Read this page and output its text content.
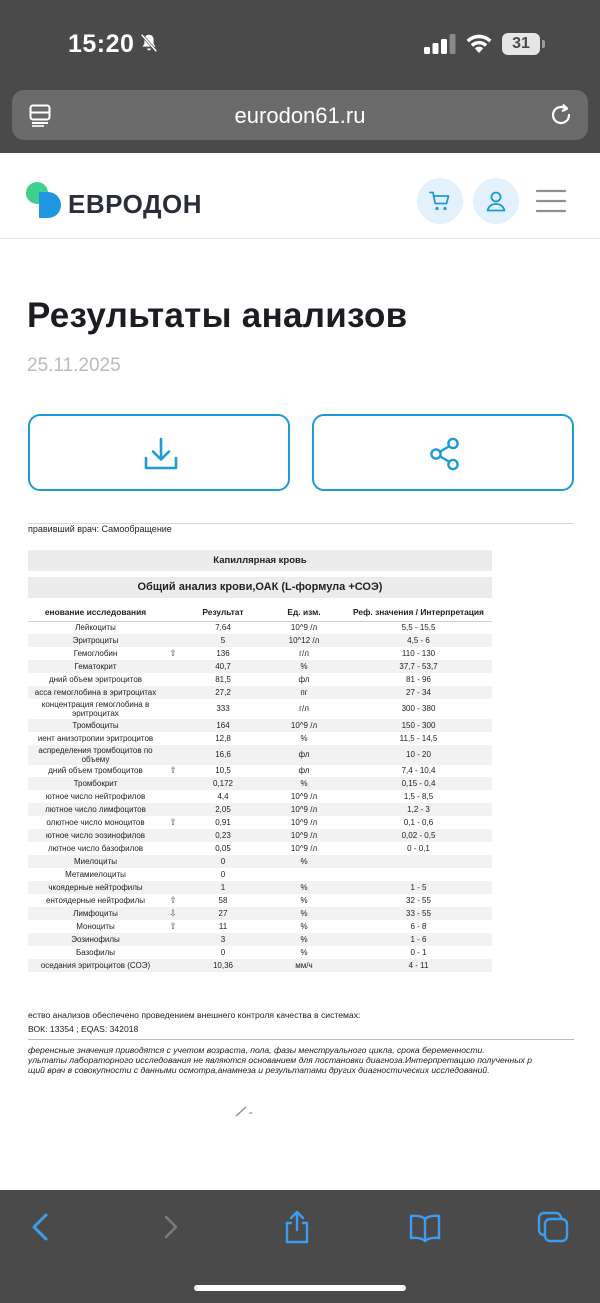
15:20	31
eurodon61.ru
ЕВРОДОН
Результаты анализов
25.11.2025
правивший врач: Самообращение
Капиллярная кровь
Общий анализ крови,ОАК (L-формула +СОЭ)
енование исследования		Результат	Ед. изм.	Реф. значения / Интерпретация
Лейкоциты		7,64	10^9 /л	5,5 - 15,5
Эритроциты		5	10^12 /л	4,5 - 6
Гемоглобин	⇧	136	г/л	110 - 130
Гематокрит		40,7	%	37,7 - 53,7
дний объем эритроцитов		81,5	фл	81 - 96
асса гемоглобина в эритроцитах		27,2	пг	27 - 34
концентрация гемоглобина в эритроцитах		333	г/л	300 - 380
Тромбоциты		164	10^9 /л	150 - 300
иент анизотропии эритроцитов		12,8	%	11,5 - 14,5
аспределения тромбоцитов по объему		16,6	фл	10 - 20
дний объем тромбоцитов	⇧	10,5	фл	7,4 - 10,4
Тромбокрит		0,172	%	0,15 - 0,4
ютное число нейтрофилов		4,4	10^9 /л	1,5 - 8,5
лютное число лимфоцитов		2,05	10^9 /л	1,2 - 3
олютное число моноцитов	⇧	0,91	10^9 /л	0,1 - 0,6
ютное число эозинофилов		0,23	10^9 /л	0,02 - 0,5
лютное число базофилов		0,05	10^9 /л	0 - 0,1
Миелоциты		0	%	
Метамиелоциты		0		
чкоядерные нейтрофилы		1	%	1 - 5
ентоядерные нейтрофилы	⇧	58	%	32 - 55
Лимфоциты	⇩	27	%	33 - 55
Моноциты	⇧	11	%	6 - 8
Эозинофилы		3	%	1 - 6
Базофилы		0	%	0 - 1
оседания эритроцитов (СОЭ)		10,36	мм/ч	4 - 11
ество анализов обеспечено проведением внешнего контроля качества в системах:
ВОК: 13354 ; EQAS: 342018
ференсные значения приводятся с учетом возраста, пола, фазы менструального цикла, срока беременности.
ультаты лабораторного исследования не являются основанием для постановки диагноза.Интерпретацию полученных р
щий врач в совокупности с данными осмотра,анамнеза и результатами других диагностических исследований.
